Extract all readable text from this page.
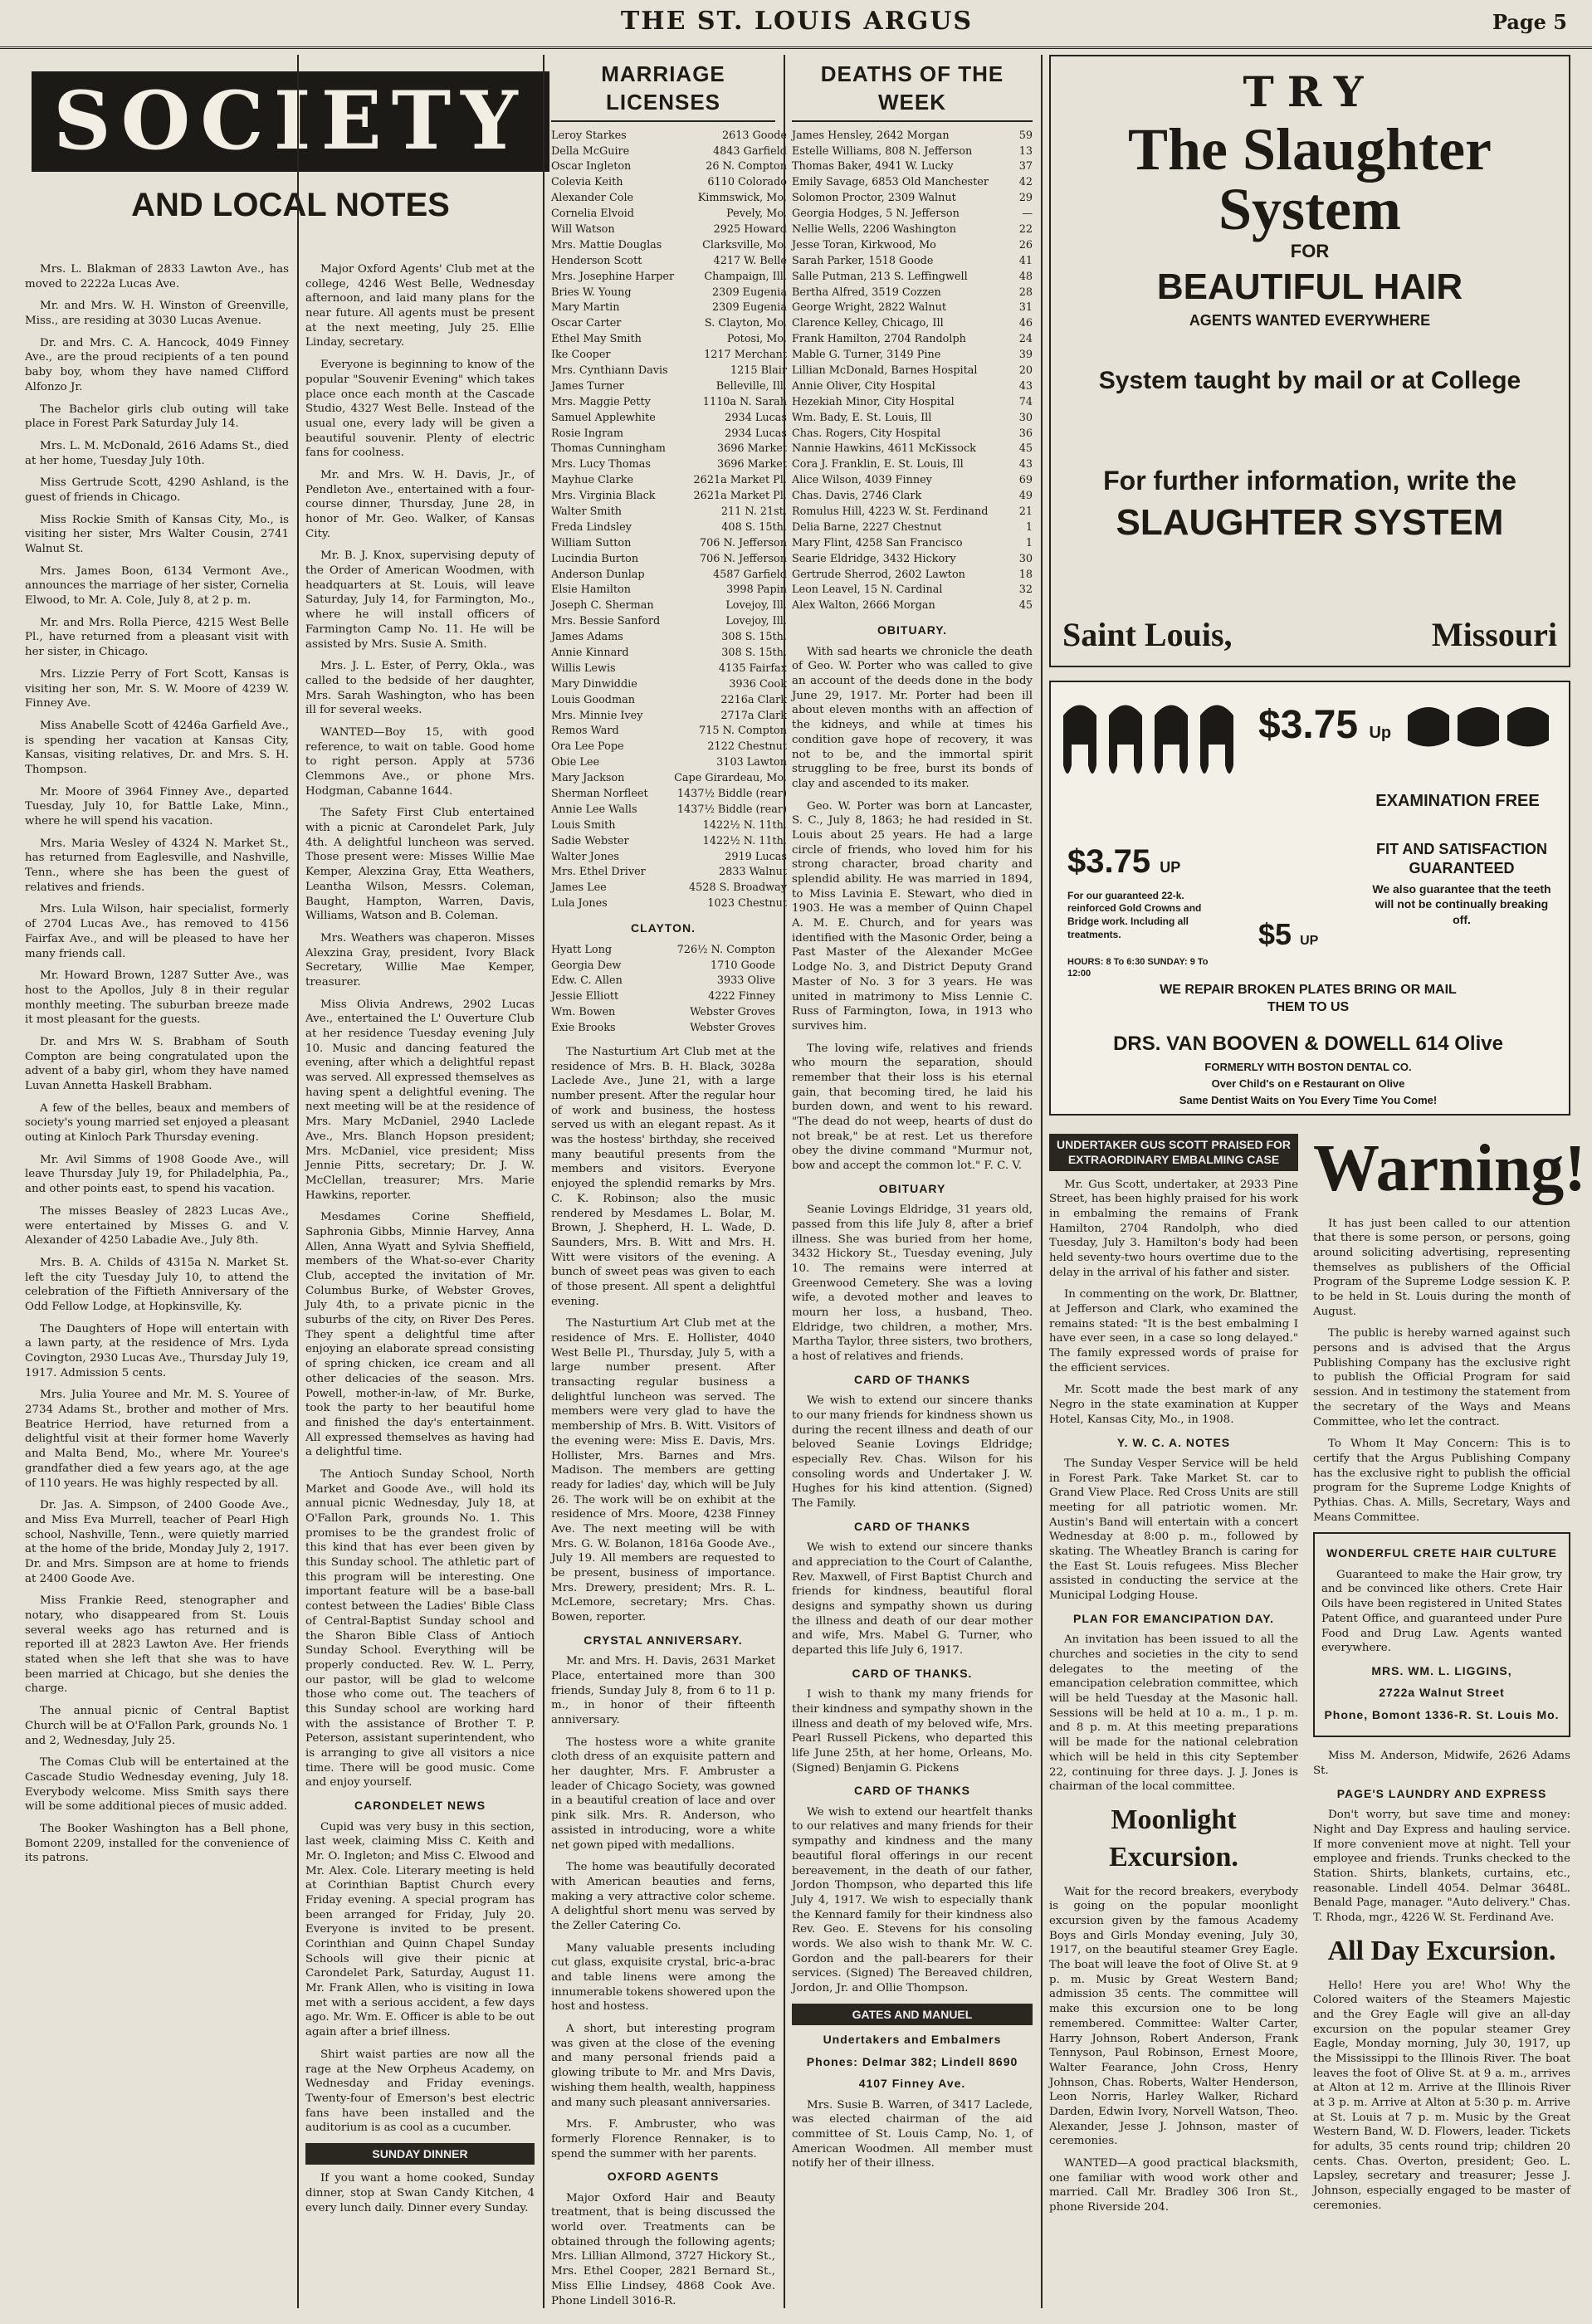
THE ST. LOUIS ARGUS	Page 5
SOCIETY
AND LOCAL NOTES

Mrs. L. Blakman of 2833 Lawton Ave., has moved to 2222a Lucas Ave.

Mr. and Mrs. W. H. Winston of Greenville, Miss., are residing at 3030 Lucas Avenue.

Dr. and Mrs. C. A. Hancock, 4049 Finney Ave., are the proud recipients of a ten pound baby boy, whom they have named Clifford Alfonzo Jr.

The Bachelor girls club outing will take place in Forest Park Saturday July 14.

Mrs. L. M. McDonald, 2616 Adams St., died at her home, Tuesday July 10th.

Miss Gertrude Scott, 4290 Ashland, is the guest of friends in Chicago.

Miss Rockie Smith of Kansas City, Mo., is visiting her sister, Mrs Walter Cousin, 2741 Walnut St.

Mrs. James Boon, 6134 Vermont Ave., announces the marriage of her sister, Cornelia Elwood, to Mr. A. Cole, July 8, at 2 p. m.

Mr. and Mrs. Rolla Pierce, 4215 West Belle Pl., have returned from a pleasant visit with her sister, in Chicago.

Mrs. Lizzie Perry of Fort Scott, Kansas is visiting her son, Mr. S. W. Moore of 4239 W. Finney Ave.

Miss Anabelle Scott of 4246a Garfield Ave., is spending her vacation at Kansas City, Kansas, visiting relatives, Dr. and Mrs. S. H. Thompson.

Mr. Moore of 3964 Finney Ave., departed Tuesday, July 10, for Battle Lake, Minn., where he will spend his vacation.

Mrs. Maria Wesley of 4324 N. Market St., has returned from Eaglesville, and Nashville, Tenn., where she has been the guest of relatives and friends.

Mrs. Lula Wilson, hair specialist, formerly of 2704 Lucas Ave., has removed to 4156 Fairfax Ave., and will be pleased to have her many friends call.

Mr. Howard Brown, 1287 Sutter Ave., was host to the Apollos, July 8 in their regular monthly meeting. The suburban breeze made it most pleasant for the guests.

Dr. and Mrs W. S. Brabham of South Compton are being congratulated upon the advent of a baby girl, whom they have named Luvan Annetta Haskell Brabham.

A few of the belles, beaux and members of society's young married set enjoyed a pleasant outing at Kinloch Park Thursday evening.

Mr. Avil Simms of 1908 Goode Ave., will leave Thursday July 19, for Philadelphia, Pa., and other points east, to spend his vacation.

The misses Beasley of 2823 Lucas Ave., were entertained by Misses G. and V. Alexander of 4250 Labadie Ave., July 8th.

Mrs. B. A. Childs of 4315a N. Market St. left the city Tuesday July 10, to attend the celebration of the Fiftieth Anniversary of the Odd Fellow Lodge, at Hopkinsville, Ky.

The Daughters of Hope will entertain with a lawn party, at the residence of Mrs. Lyda Covington, 2930 Lucas Ave., Thursday July 19, 1917. Admission 5 cents.

Mrs. Julia Youree and Mr. M. S. Youree of 2734 Adams St., brother and mother of Mrs. Beatrice Herriod, have returned from a delightful visit at their former home Waverly and Malta Bend, Mo., where Mr. Youree's grandfather died a few years ago, at the age of 110 years. He was highly respected by all.

Dr. Jas. A. Simpson, of 2400 Goode Ave., and Miss Eva Murrell, teacher of Pearl High school, Nashville, Tenn., were quietly married at the home of the bride, Monday July 2, 1917. Dr. and Mrs. Simpson are at home to friends at 2400 Goode Ave.

Miss Frankie Reed, stenographer and notary, who disappeared from St. Louis several weeks ago has returned and is reported ill at 2823 Lawton Ave. Her friends stated when she left that she was to have been married at Chicago, but she denies the charge.

The annual picnic of Central Baptist Church will be at O'Fallon Park, grounds No. 1 and 2, Wednesday, July 25.

The Comas Club will be entertained at the Cascade Studio Wednesday evening, July 18. Everybody welcome. Miss Smith says there will be some additional pieces of music added.

The Booker Washington has a Bell phone, Bomont 2209, installed for the convenience of its patrons.

Major Oxford Agents' Club met at the college, 4246 West Belle, Wednesday afternoon, and laid many plans for the near future. All agents must be present at the next meeting, July 25. Ellie Linday, secretary.

Everyone is beginning to know of the popular "Souvenir Evening" which takes place once each month at the Cascade Studio, 4327 West Belle. Instead of the usual one, every lady will be given a beautiful souvenir. Plenty of electric fans for coolness.

Mr. and Mrs. W. H. Davis, Jr., of Pendleton Ave., entertained with a four-course dinner, Thursday, June 28, in honor of Mr. Geo. Walker, of Kansas City.

Mr. B. J. Knox, supervising deputy of the Order of American Woodmen, with headquarters at St. Louis, will leave Saturday, July 14, for Farmington, Mo., where he will install officers of Farmington Camp No. 11. He will be assisted by Mrs. Susie A. Smith.

Mrs. J. L. Ester, of Perry, Okla., was called to the bedside of her daughter, Mrs. Sarah Washington, who has been ill for several weeks.

WANTED—Boy 15, with good reference, to wait on table. Good home to right person. Apply at 5736 Clemmons Ave., or phone Mrs. Hodgman, Cabanne 1644.

The Safety First Club entertained with a picnic at Carondelet Park, July 4th. A delightful luncheon was served. Those present were: Misses Willie Mae Kemper, Alexzina Gray, Etta Weathers, Leantha Wilson, Messrs. Coleman, Baught, Hampton, Warren, Davis, Williams, Watson and B. Coleman.

Mrs. Weathers was chaperon. Misses Alexzina Gray, president, Ivory Black Secretary, Willie Mae Kemper, treasurer.

Miss Olivia Andrews, 2902 Lucas Ave., entertained the L' Ouverture Club at her residence Tuesday evening July 10. Music and dancing featured the evening, after which a delightful repast was served. All expressed themselves as having spent a delightful evening. The next meeting will be at the residence of Mrs. Mary McDaniel, 2940 Laclede Ave., Mrs. Blanch Hopson president; Mrs. McDaniel, vice president; Miss Jennie Pitts, secretary; Dr. J. W. McClellan, treasurer; Mrs. Marie Hawkins, reporter.

Mesdames Corine Sheffield, Saphronia Gibbs, Minnie Harvey, Anna Allen, Anna Wyatt and Sylvia Sheffield, members of the What-so-ever Charity Club, accepted the invitation of Mr. Columbus Burke, of Webster Groves, July 4th, to a private picnic in the suburbs of the city, on River Des Peres. They spent a delightful time after enjoying an elaborate spread consisting of spring chicken, ice cream and all other delicacies of the season. Mrs. Powell, mother-in-law, of Mr. Burke, took the party to her beautiful home and finished the day's entertainment. All expressed themselves as having had a delightful time.

The Antioch Sunday School, North Market and Goode Ave., will hold its annual picnic Wednesday, July 18, at O'Fallon Park, grounds No. 1. This promises to be the grandest frolic of this kind that has ever been given by this Sunday school. The athletic part of this program will be interesting. One important feature will be a base-ball contest between the Ladies' Bible Class of Central-Baptist Sunday school and the Sharon Bible Class of Antioch Sunday School. Everything will be properly conducted. Rev. W. L. Perry, our pastor, will be glad to welcome those who come out. The teachers of this Sunday school are working hard with the assistance of Brother T. P. Peterson, assistant superintendent, who is arranging to give all visitors a nice time. There will be good music. Come and enjoy yourself.

CARONDELET NEWS

Cupid was very busy in this section, last week, claiming Miss C. Keith and Mr. O. Ingleton; and Miss C. Elwood and Mr. Alex. Cole. Literary meeting is held at Corinthian Baptist Church every Friday evening. A special program has been arranged for Friday, July 20. Everyone is invited to be present. Corinthian and Quinn Chapel Sunday Schools will give their picnic at Carondelet Park, Saturday, August 11. Mr. Frank Allen, who is visiting in Iowa met with a serious accident, a few days ago. Mr. Wm. E. Officer is able to be out again after a brief illness.

Shirt waist parties are now all the rage at the New Orpheus Academy, on Wednesday and Friday evenings. Twenty-four of Emerson's best electric fans have been installed and the auditorium is as cool as a cucumber.

SUNDAY DINNER

If you want a home cooked, Sunday dinner, stop at Swan Candy Kitchen, 4 every lunch daily. Dinner every Sunday.

MARRIAGE LICENSES
Leroy Starkes	2613 Goode
Della McGuire	4843 Garfield
Oscar Ingleton	26 N. Compton
Colevia Keith	6110 Colorado
Alexander Cole	Kimmswick, Mo.
Cornelia Elvoid	Pevely, Mo.
Will Watson	2925 Howard
Mrs. Mattie Douglas	Clarksville, Mo.
Henderson Scott	4217 W. Belle
Mrs. Josephine Harper	Champaign, Ill.
Bries W. Young	2309 Eugenia
Mary Martin	2309 Eugenia
Oscar Carter	S. Clayton, Mo.
Ethel May Smith	Potosi, Mo.
Ike Cooper	1217 Merchant
Mrs. Cynthiann Davis	1215 Blair
James Turner	Belleville, Ill.
Mrs. Maggie Petty	1110a N. Sarah
Samuel Applewhite	2934 Lucas
Rosie Ingram	2934 Lucas
Thomas Cunningham	3696 Market
Mrs. Lucy Thomas	3696 Market
Mayhue Clarke	2621a Market Pl.
Mrs. Virginia Black	2621a Market Pl.
Walter Smith	211 N. 21st.
Freda Lindsley	408 S. 15th.
William Sutton	706 N. Jefferson
Lucindia Burton	706 N. Jefferson
Anderson Dunlap	4587 Garfield
Elsie Hamilton	3998 Papin
Joseph C. Sherman	Lovejoy, Ill.
Mrs. Bessie Sanford	Lovejoy, Ill.
James Adams	308 S. 15th.
Annie Kinnard	308 S. 15th.
Willis Lewis	4135 Fairfax
Mary Dinwiddie	3936 Cook
Louis Goodman	2216a Clark
Mrs. Minnie Ivey	2717a Clark
Remos Ward	715 N. Compton
Ora Lee Pope	2122 Chestnut
Obie Lee	3103 Lawton
Mary Jackson	Cape Girardeau, Mo.
Sherman Norfleet	1437½ Biddle (rear)
Annie Lee Walls	1437½ Biddle (rear)
Louis Smith	1422½ N. 11th.
Sadie Webster	1422½ N. 11th.
Walter Jones	2919 Lucas
Mrs. Ethel Driver	2833 Walnut
James Lee	4528 S. Broadway
Lula Jones	1023 Chestnut
CLAYTON.
Hyatt Long	726½ N. Compton
Georgia Dew	1710 Goode
Edw. C. Allen	3933 Olive
Jessie Elliott	4222 Finney
Wm. Bowen	Webster Groves
Exie Brooks	Webster Groves

The Nasturtium Art Club met at the residence of Mrs. B. H. Black, 3028a Laclede Ave., June 21, with a large number present. After the regular hour of work and business, the hostess served us with an elegant repast. As it was the hostess' birthday, she received many beautiful presents from the members and visitors. Everyone enjoyed the splendid remarks by Mrs. C. K. Robinson; also the music rendered by Mesdames L. Bolar, M. Brown, J. Shepherd, H. L. Wade, D. Saunders, Mrs. B. Witt and Mrs. H. Witt were visitors of the evening. A bunch of sweet peas was given to each of those present. All spent a delightful evening.

The Nasturtium Art Club met at the residence of Mrs. E. Hollister, 4040 West Belle Pl., Thursday, July 5, with a large number present. After transacting regular business a delightful luncheon was served. The members were very glad to have the membership of Mrs. B. Witt. Visitors of the evening were: Miss E. Davis, Mrs. Hollister, Mrs. Barnes and Mrs. Madison. The members are getting ready for ladies' day, which will be July 26. The work will be on exhibit at the residence of Mrs. Moore, 4238 Finney Ave. The next meeting will be with Mrs. G. W. Bolanon, 1816a Goode Ave., July 19. All members are requested to be present, business of importance. Mrs. Drewery, president; Mrs. R. L. McLemore, secretary; Mrs. Chas. Bowen, reporter.

CRYSTAL ANNIVERSARY.

Mr. and Mrs. H. Davis, 2631 Market Place, entertained more than 300 friends, Sunday July 8, from 6 to 11 p. m., in honor of their fifteenth anniversary.

The hostess wore a white granite cloth dress of an exquisite pattern and her daughter, Mrs. F. Ambruster a leader of Chicago Society, was gowned in a beautiful creation of lace and over pink silk. Mrs. R. Anderson, who assisted in introducing, wore a white net gown piped with medallions.

The home was beautifully decorated with American beauties and ferns, making a very attractive color scheme. A delightful short menu was served by the Zeller Catering Co.

Many valuable presents including cut glass, exquisite crystal, bric-a-brac and table linens were among the innumerable tokens showered upon the host and hostess.

A short, but interesting program was given at the close of the evening and many personal friends paid a glowing tribute to Mr. and Mrs Davis, wishing them health, wealth, happiness and many such pleasant anniversaries.

Mrs. F. Ambruster, who was formerly Florence Rennaker, is to spend the summer with her parents.

OXFORD AGENTS

Major Oxford Hair and Beauty treatment, that is being discussed the world over. Treatments can be obtained through the following agents; Mrs. Lillian Allmond, 3727 Hickory St., Mrs. Ethel Cooper, 2821 Bernard St., Miss Ellie Lindsey, 4868 Cook Ave. Phone Lindell 3016-R.

DEATHS OF THE WEEK
James Hensley, 2642 Morgan	59
Estelle Williams, 808 N. Jefferson	13
Thomas Baker, 4941 W. Lucky	37
Emily Savage, 6853 Old Manchester	42
Solomon Proctor, 2309 Walnut	29
Georgia Hodges, 5 N. Jefferson	—
Nellie Wells, 2206 Washington	22
Jesse Toran, Kirkwood, Mo	26
Sarah Parker, 1518 Goode	41
Salle Putman, 213 S. Leffingwell	48
Bertha Alfred, 3519 Cozzen	28
George Wright, 2822 Walnut	31
Clarence Kelley, Chicago, Ill	46
Frank Hamilton, 2704 Randolph	24
Mable G. Turner, 3149 Pine	39
Lillian McDonald, Barnes Hospital	20
Annie Oliver, City Hospital	43
Hezekiah Minor, City Hospital	74
Wm. Bady, E. St. Louis, Ill	30
Chas. Rogers, City Hospital	36
Nannie Hawkins, 4611 McKissock	45
Cora J. Franklin, E. St. Louis, Ill	43
Alice Wilson, 4039 Finney	69
Chas. Davis, 2746 Clark	49
Romulus Hill, 4223 W. St. Ferdinand	21
Delia Barne, 2227 Chestnut	1
Mary Flint, 4258 San Francisco	1
Searie Eldridge, 3432 Hickory	30
Gertrude Sherrod, 2602 Lawton	18
Leon Leavel, 15 N. Cardinal	32
Alex Walton, 2666 Morgan	45
OBITUARY.

With sad hearts we chronicle the death of Geo. W. Porter who was called to give an account of the deeds done in the body June 29, 1917. Mr. Porter had been ill about eleven months with an affection of the kidneys, and while at times his condition gave hope of recovery, it was not to be, and the immortal spirit struggling to be free, burst its bonds of clay and ascended to its maker.

Geo. W. Porter was born at Lancaster, S. C., July 8, 1863; he had resided in St. Louis about 25 years. He had a large circle of friends, who loved him for his strong character, broad charity and splendid ability. He was married in 1894, to Miss Lavinia E. Stewart, who died in 1903. He was a member of Quinn Chapel A. M. E. Church, and for years was identified with the Masonic Order, being a Past Master of the Alexander McGee Lodge No. 3, and District Deputy Grand Master of No. 3 for 3 years. He was united in matrimony to Miss Lennie C. Russ of Farmington, Iowa, in 1913 who survives him.

The loving wife, relatives and friends who mourn the separation, should remember that their loss is his eternal gain, that becoming tired, he laid his burden down, and went to his reward. "The dead do not weep, hearts of dust do not break," be at rest. Let us therefore obey the divine command "Murmur not, bow and accept the common lot." F. C. V.

OBITUARY

Seanie Lovings Eldridge, 31 years old, passed from this life July 8, after a brief illness. She was buried from her home, 3432 Hickory St., Tuesday evening, July 10. The remains were interred at Greenwood Cemetery. She was a loving wife, a devoted mother and leaves to mourn her loss, a husband, Theo. Eldridge, two children, a mother, Mrs. Martha Taylor, three sisters, two brothers, a host of relatives and friends.

CARD OF THANKS

We wish to extend our sincere thanks to our many friends for kindness shown us during the recent illness and death of our beloved Seanie Lovings Eldridge; especially Rev. Chas. Wilson for his consoling words and Undertaker J. W. Hughes for his kind attention. (Signed) The Family.

CARD OF THANKS

We wish to extend our sincere thanks and appreciation to the Court of Calanthe, Rev. Maxwell, of First Baptist Church and friends for kindness, beautiful floral designs and sympathy shown us during the illness and death of our dear mother and wife, Mrs. Mabel G. Turner, who departed this life July 6, 1917.

CARD OF THANKS.

I wish to thank my many friends for their kindness and sympathy shown in the illness and death of my beloved wife, Mrs. Pearl Russell Pickens, who departed this life June 25th, at her home, Orleans, Mo. (Signed) Benjamin G. Pickens

CARD OF THANKS

We wish to extend our heartfelt thanks to our relatives and many friends for their sympathy and kindness and the many beautiful floral offerings in our recent bereavement, in the death of our father, Jordon Thompson, who departed this life July 4, 1917. We wish to especially thank the Kennard family for their kindness also Rev. Geo. E. Stevens for his consoling words. We also wish to thank Mr. W. C. Gordon and the pall-bearers for their services. (Signed) The Bereaved children, Jordon, Jr. and Ollie Thompson.

GATES AND MANUEL
Undertakers and Embalmers
Phones: Delmar 382; Lindell 8690
4107 Finney Ave.

Mrs. Susie B. Warren, of 3417 Laclede, was elected chairman of the aid committee of St. Louis Camp, No. 1, of American Woodmen. All member must notify her of their illness.

TRY
The Slaughter System
FOR
BEAUTIFUL HAIR
AGENTS WANTED EVERYWHERE
System taught by mail or at College
For further information, write the
SLAUGHTER SYSTEM
Saint Louis,	Missouri
$3.75 Up
EXAMINATION FREE
$3.75 UP
For our guaranteed 22-k. reinforced Gold Crowns and Bridge work. Including all treatments.
FIT AND SATISFACTION GUARANTEED
We also guarantee that the teeth will not be continually breaking off.
$5 UP
HOURS: 8 To 6:30 SUNDAY: 9 To 12:00
WE REPAIR BROKEN PLATES BRING OR MAIL THEM TO US
DRS. VAN BOOVEN & DOWELL 614 Olive
FORMERLY WITH BOSTON DENTAL CO.
Over Child's on e Restaurant on Olive
Same Dentist Waits on You Every Time You Come!
UNDERTAKER GUS SCOTT PRAISED FOR EXTRAORDINARY EMBALMING CASE

Mr. Gus Scott, undertaker, at 2933 Pine Street, has been highly praised for his work in embalming the remains of Frank Hamilton, 2704 Randolph, who died Tuesday, July 3. Hamilton's body had been held seventy-two hours overtime due to the delay in the arrival of his father and sister.

In commenting on the work, Dr. Blattner, at Jefferson and Clark, who examined the remains stated: "It is the best embalming I have ever seen, in a case so long delayed." The family expressed words of praise for the efficient services.

Mr. Scott made the best mark of any Negro in the state examination at Kupper Hotel, Kansas City, Mo., in 1908.

Y. W. C. A. NOTES

The Sunday Vesper Service will be held in Forest Park. Take Market St. car to Grand View Place. Red Cross Units are still meeting for all patriotic women. Mr. Austin's Band will entertain with a concert Wednesday at 8:00 p. m., followed by skating. The Wheatley Branch is caring for the East St. Louis refugees. Miss Blecher assisted in conducting the service at the Municipal Lodging House.

PLAN FOR EMANCIPATION DAY.

An invitation has been issued to all the churches and societies in the city to send delegates to the meeting of the emancipation celebration committee, which will be held Tuesday at the Masonic hall. Sessions will be held at 10 a. m., 1 p. m. and 8 p. m. At this meeting preparations will be made for the national celebration which will be held in this city September 22, continuing for three days. J. J. Jones is chairman of the local committee.

Moonlight Excursion.

Wait for the record breakers, everybody is going on the popular moonlight excursion given by the famous Academy Boys and Girls Monday evening, July 30, 1917, on the beautiful steamer Grey Eagle. The boat will leave the foot of Olive St. at 9 p. m. Music by Great Western Band; admission 35 cents. The committee will make this excursion one to be long remembered. Committee: Walter Carter, Harry Johnson, Robert Anderson, Frank Tennyson, Paul Robinson, Ernest Moore, Walter Fearance, John Cross, Henry Johnson, Chas. Roberts, Walter Henderson, Leon Norris, Harley Walker, Richard Darden, Edwin Ivory, Norvell Watson, Theo. Alexander, Jesse J. Johnson, master of ceremonies.

WANTED—A good practical blacksmith, one familiar with wood work other and married. Call Mr. Bradley 306 Iron St., phone Riverside 204.

Warning!

It has just been called to our attention that there is some person, or persons, going around soliciting advertising, representing themselves as publishers of the Official Program of the Supreme Lodge session K. P. to be held in St. Louis during the month of August.

The public is hereby warned against such persons and is advised that the Argus Publishing Company has the exclusive right to publish the Official Program for said session. And in testimony the statement from the secretary of the Ways and Means Committee, who let the contract.

To Whom It May Concern: This is to certify that the Argus Publishing Company has the exclusive right to publish the official program for the Supreme Lodge Knights of Pythias. Chas. A. Mills, Secretary, Ways and Means Committee.

WONDERFUL CRETE HAIR CULTURE

Guaranteed to make the Hair grow, try and be convinced like others. Crete Hair Oils have been registered in United States Patent Office, and guaranteed under Pure Food and Drug Law. Agents wanted everywhere.

MRS. WM. L. LIGGINS,
2722a Walnut Street
Phone, Bomont 1336-R. St. Louis Mo.

Miss M. Anderson, Midwife, 2626 Adams St.

PAGE'S LAUNDRY AND EXPRESS

Don't worry, but save time and money: Night and Day Express and hauling service. If more convenient move at night. Tell your employee and friends. Trunks checked to the Station. Shirts, blankets, curtains, etc., reasonable. Lindell 4054. Delmar 3648L. Benald Page, manager. "Auto delivery." Chas. T. Rhoda, mgr., 4226 W. St. Ferdinand Ave.

All Day Excursion.

Hello! Here you are! Who! Why the Colored waiters of the Steamers Majestic and the Grey Eagle will give an all-day excursion on the popular steamer Grey Eagle, Monday morning, July 30, 1917, up the Mississippi to the Illinois River. The boat leaves the foot of Olive St. at 9 a. m., arrives at Alton at 12 m. Arrive at the Illinois River at 3 p. m. Arrive at Alton at 5:30 p. m. Arrive at St. Louis at 7 p. m. Music by the Great Western Band, W. D. Flowers, leader. Tickets for adults, 35 cents round trip; children 20 cents. Chas. Overton, president; Geo. L. Lapsley, secretary and treasurer; Jesse J. Johnson, especially engaged to be master of ceremonies.
